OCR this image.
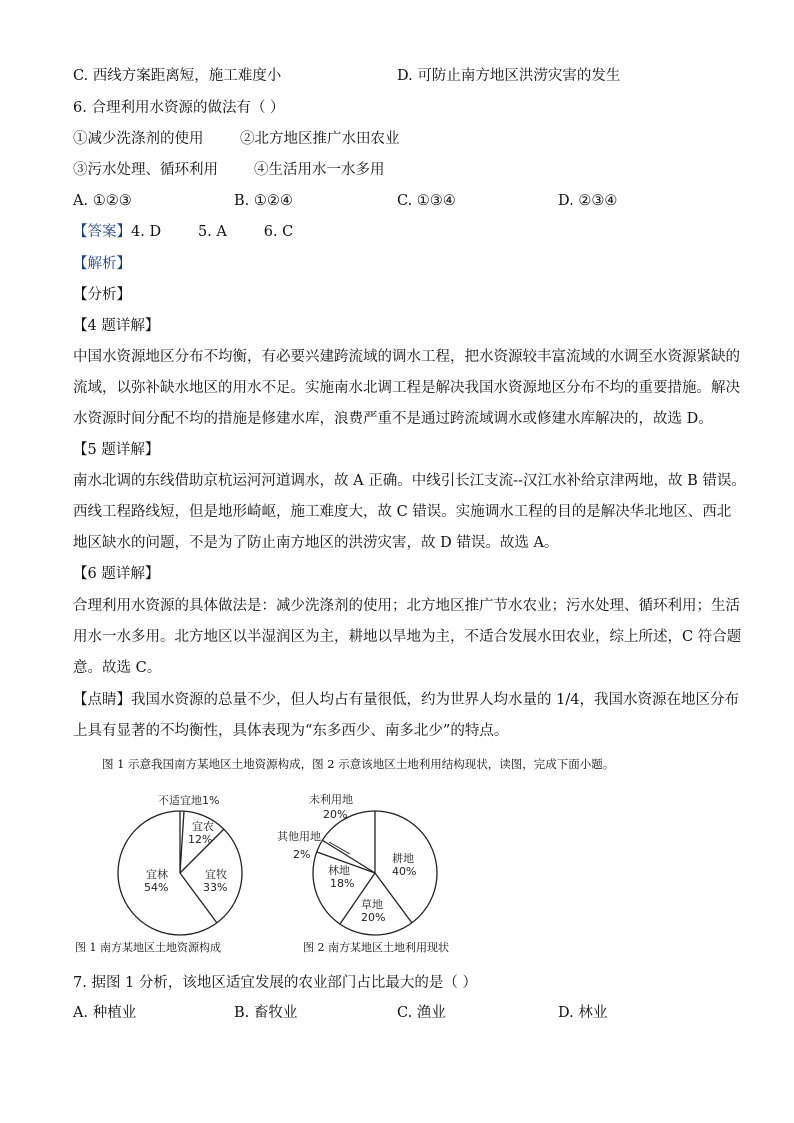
C. 西线方案距离短，施工难度小	D. 可防止南方地区洪涝灾害的发生
6. 合理利用水资源的做法有（ ）
①减少洗涤剂的使用	②北方地区推广水田农业
③污水处理、循环利用 ④生活用水一水多用
A. ①②③	B. ①②④	C. ①③④	D. ②③④
【答案】4. D        5. A        6. C
【解析】
【分析】
【4 题详解】
中国水资源地区分布不均衡，有必要兴建跨流域的调水工程，把水资源较丰富流域的水调至水资源紧缺的
流域，以弥补缺水地区的用水不足。实施南水北调工程是解决我国水资源地区分布不均的重要措施。解决
水资源时间分配不均的措施是修建水库，浪费严重不是通过跨流域调水或修建水库解决的，故选 D。
【5 题详解】
南水北调的东线借助京杭运河河道调水，故 A 正确。中线引长江支流--汉江水补给京津两地，故 B 错误。
西线工程路线短，但是地形崎岖，施工难度大，故 C 错误。实施调水工程的目的是解决华北地区、西北
地区缺水的问题，不是为了防止南方地区的洪涝灾害，故 D 错误。故选 A。
【6 题详解】
合理利用水资源的具体做法是：减少洗涤剂的使用；北方地区推广节水农业；污水处理、循环利用；生活
用水一水多用。北方地区以半湿润区为主，耕地以旱地为主，不适合发展水田农业，综上所述，C 符合题
意。故选 C。
【点睛】我国水资源的总量不少，但人均占有量很低，约为世界人均水量的 1/4，我国水资源在地区分布
上具有显著的不均衡性，具体表现为“东多西少、南多北少”的特点。
图 1 示意我国南方某地区土地资源构成，图 2 示意该地区土地利用结构现状，读图，完成下面小题。
不适宜地1%
宜农
12%
宜牧
33%
宜林
54%
未利用地
20%
其他用地
2%	耕地
40%
林地
18%
草地
20%
图 1 南方某地区土地资源构成	图 2 南方某地区土地利用现状
7. 据图 1 分析，该地区适宜发展的农业部门占比最大的是（ ）
A. 种植业	B. 畜牧业	C. 渔业	D. 林业
